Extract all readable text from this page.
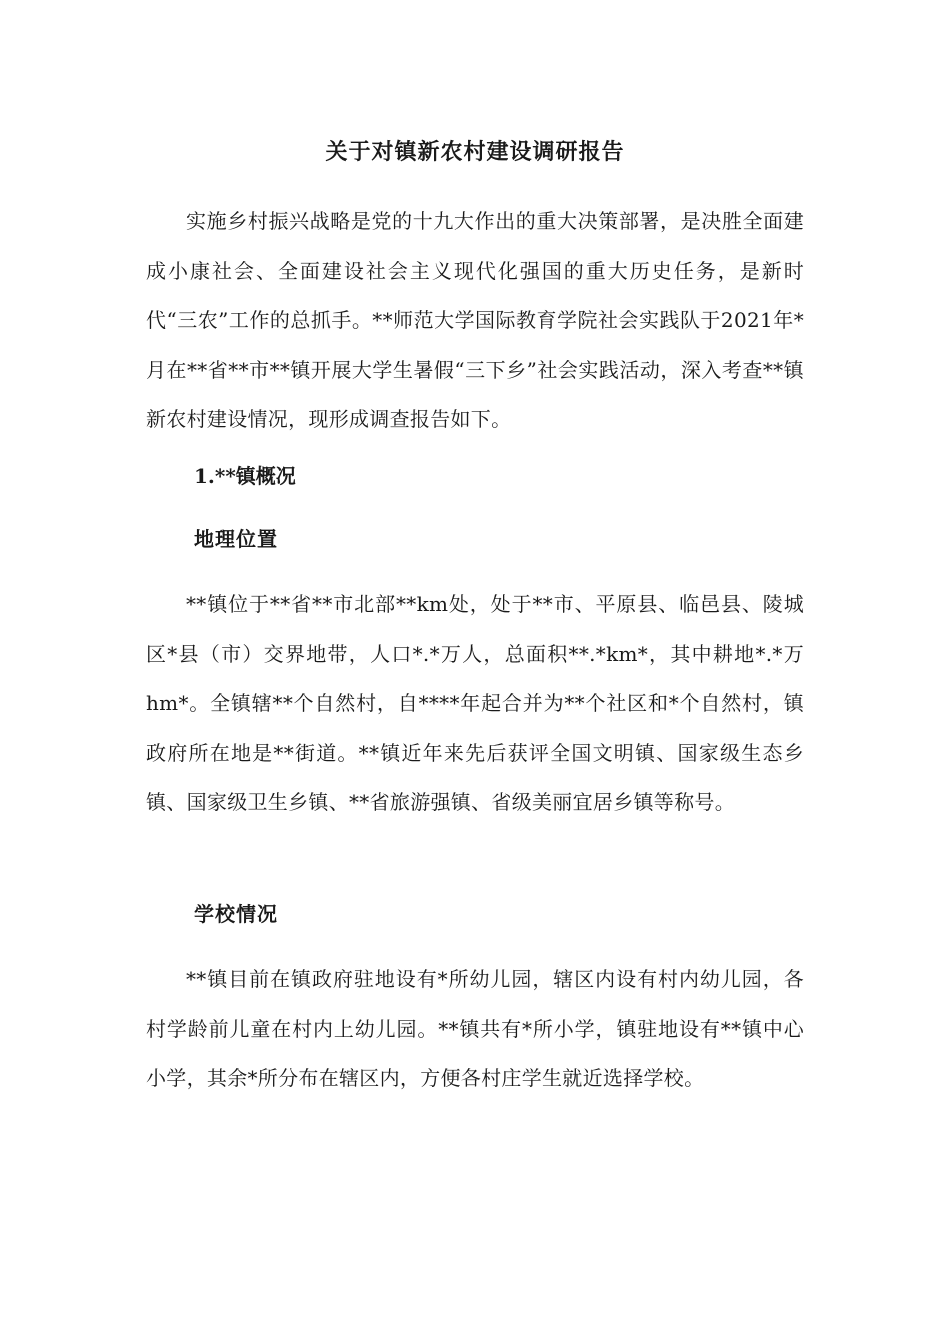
关于对镇新农村建设调研报告

实施乡村振兴战略是党的十九大作出的重大决策部署，是决胜全面建成小康社会、全面建设社会主义现代化强国的重大历史任务，是新时代“三农”工作的总抓手。**师范大学国际教育学院社会实践队于2021年*月在**省**市**镇开展大学生暑假“三下乡”社会实践活动，深入考查**镇新农村建设情况，现形成调查报告如下。

1.**镇概况
地理位置

**镇位于**省**市北部**km处，处于**市、平原县、临邑县、陵城区*县（市）交界地带，人口*.*万人，总面积**.*km*，其中耕地*.*万hm*。全镇辖**个自然村，自****年起合并为**个社区和*个自然村，镇政府所在地是**街道。**镇近年来先后获评全国文明镇、国家级生态乡镇、国家级卫生乡镇、**省旅游强镇、省级美丽宜居乡镇等称号。

学校情况

**镇目前在镇政府驻地设有*所幼儿园，辖区内设有村内幼儿园，各村学龄前儿童在村内上幼儿园。**镇共有*所小学，镇驻地设有**镇中心小学，其余*所分布在辖区内，方便各村庄学生就近选择学校。
